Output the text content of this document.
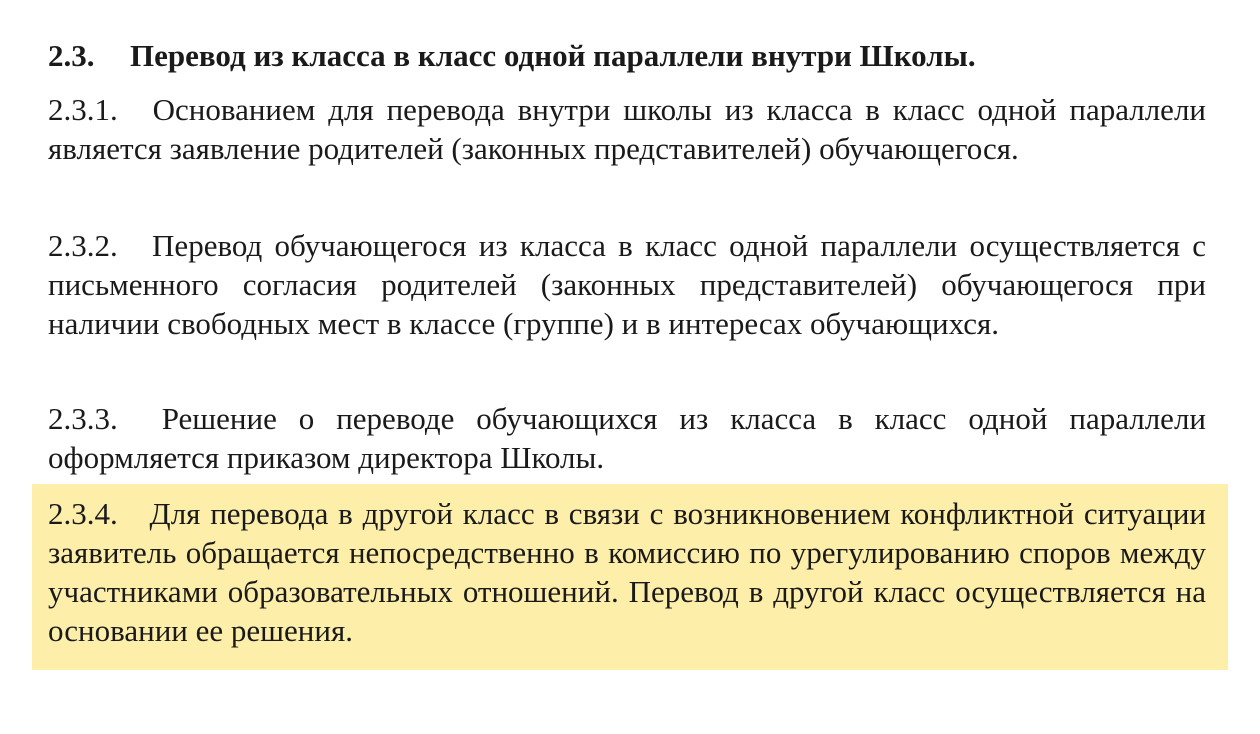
2.3. Перевод из класса в класс одной параллели внутри Школы.

2.3.1. Основанием для перевода внутри школы из класса в класс одной параллели является заявление родителей (законных представителей) обучающегося.

2.3.2. Перевод обучающегося из класса в класс одной параллели осуществляется с письменного согласия родителей (законных представителей) обучающегося при наличии свободных мест в классе (группе) и в интересах обучающихся.

2.3.3. Решение о переводе обучающихся из класса в класс одной параллели оформляется приказом директора Школы.

2.3.4. Для перевода в другой класс в связи с возникновением конфликтной ситуации заявитель обращается непосредственно в комиссию по урегулированию споров между участниками образовательных отношений. Перевод в другой класс осуществляется на основании ее решения.
